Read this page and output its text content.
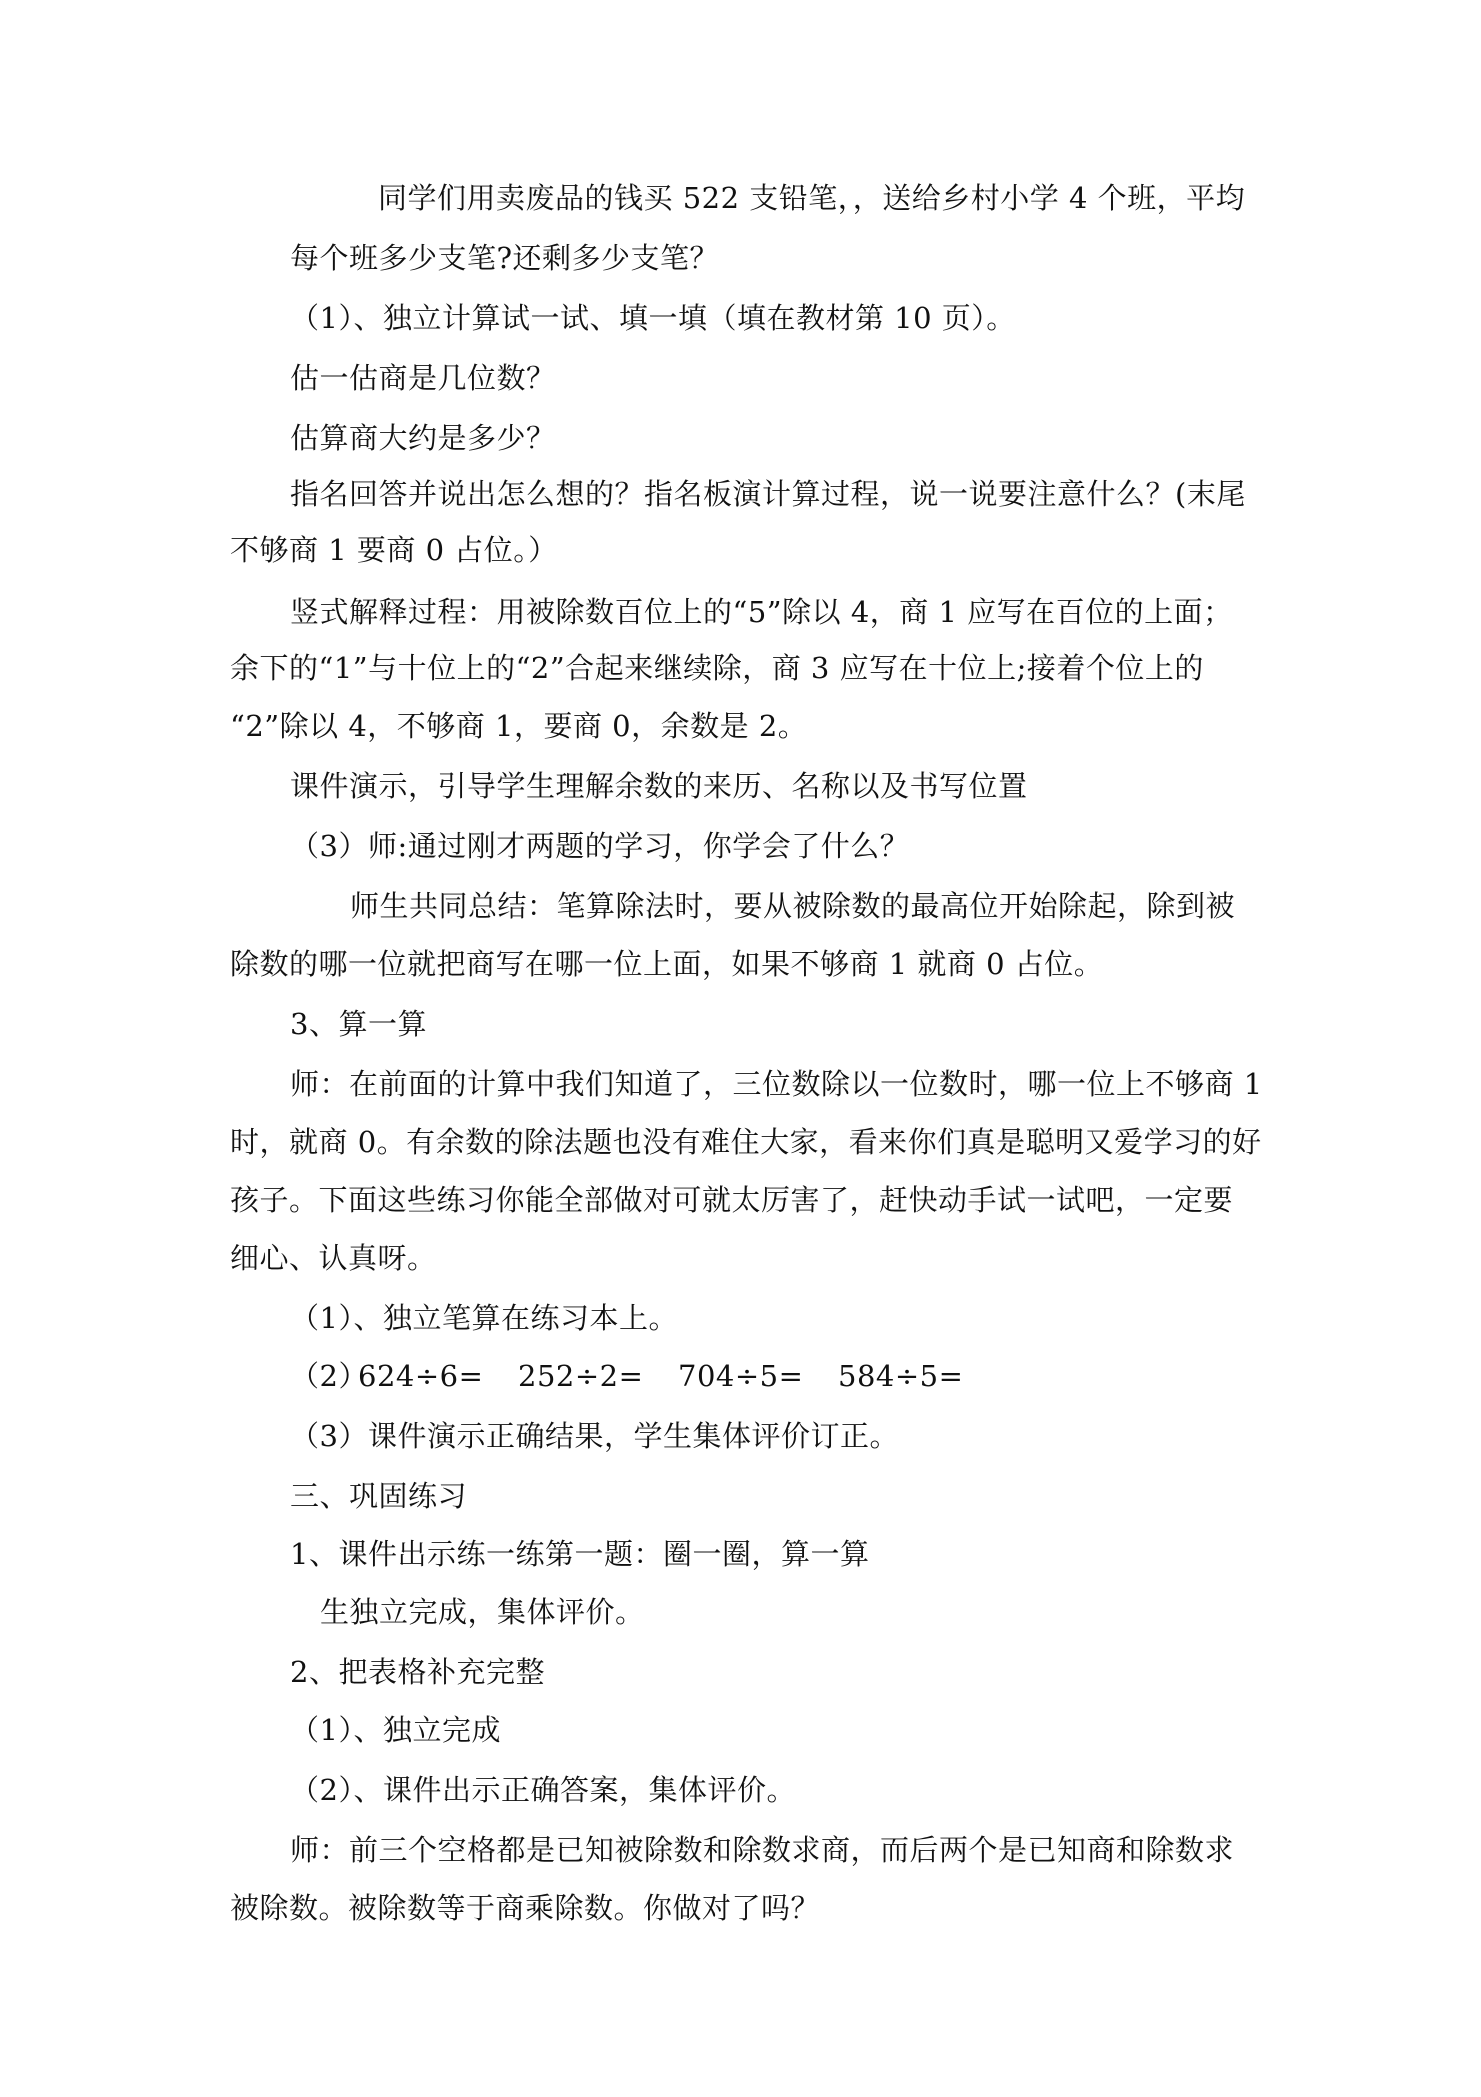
同学们用卖废品的钱买 522 支铅笔，，送给乡村小学 4 个班，平均
每个班多少支笔?还剩多少支笔？
（1）、独立计算试一试、填一填（填在教材第 10 页）。
估一估商是几位数？
估算商大约是多少？
指名回答并说出怎么想的？指名板演计算过程，说一说要注意什么？(末尾
不够商 1 要商 0 占位。）
竖式解释过程：用被除数百位上的“5”除以 4，商 1 应写在百位的上面；
余下的“1”与十位上的“2”合起来继续除，商 3 应写在十位上;接着个位上的
“2”除以 4，不够商 1，要商 0，余数是 2。
课件演示，引导学生理解余数的来历、名称以及书写位置
（3）师:通过刚才两题的学习，你学会了什么？
师生共同总结：笔算除法时，要从被除数的最高位开始除起，除到被
除数的哪一位就把商写在哪一位上面，如果不够商 1 就商 0 占位。
3、算一算
师：在前面的计算中我们知道了，三位数除以一位数时，哪一位上不够商 1
时，就商 0。有余数的除法题也没有难住大家，看来你们真是聪明又爱学习的好
孩子。下面这些练习你能全部做对可就太厉害了，赶快动手试一试吧，一定要
细心、认真呀。
（1）、独立笔算在练习本上。
（2）624÷6= 252÷2= 704÷5= 584÷5=
（3）课件演示正确结果，学生集体评价订正。
三、巩固练习
1、课件出示练一练第一题：圈一圈，算一算
生独立完成，集体评价。
2、把表格补充完整
（1）、独立完成
（2）、课件出示正确答案，集体评价。
师：前三个空格都是已知被除数和除数求商，而后两个是已知商和除数求
被除数。被除数等于商乘除数。你做对了吗？
